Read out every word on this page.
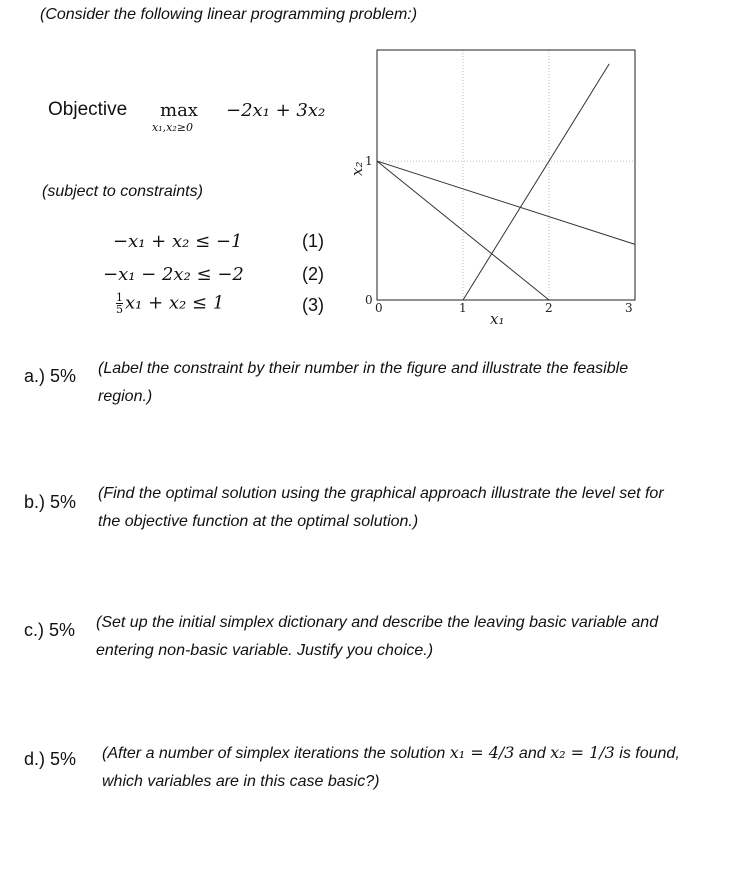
(Consider the following linear programming problem:)
Objective max
x₁,x₂≥0
−2x₁ + 3x₂
(subject to constraints)
−x₁ + x₂ ≤ −1	(1)
−x₁ − 2x₂ ≤ −2	(2)
$\frac{1}{5} x_1 + x_2 \le 1$	(3)
1
0
0	1	2	3
x₁
x₂
a.) 5% (Label the constraint by their number in the figure and illustrate the feasible region.)
b.) 5% (Find the optimal solution using the graphical approach illustrate the level set for the objective function at the optimal solution.)
c.) 5% (Set up the initial simplex dictionary and describe the leaving basic variable and entering non-basic variable. Justify you choice.)
d.) 5% (After a number of simplex iterations the solution x₁ = 4/3 and x₂ = 1/3 is found, which variables are in this case basic?)
